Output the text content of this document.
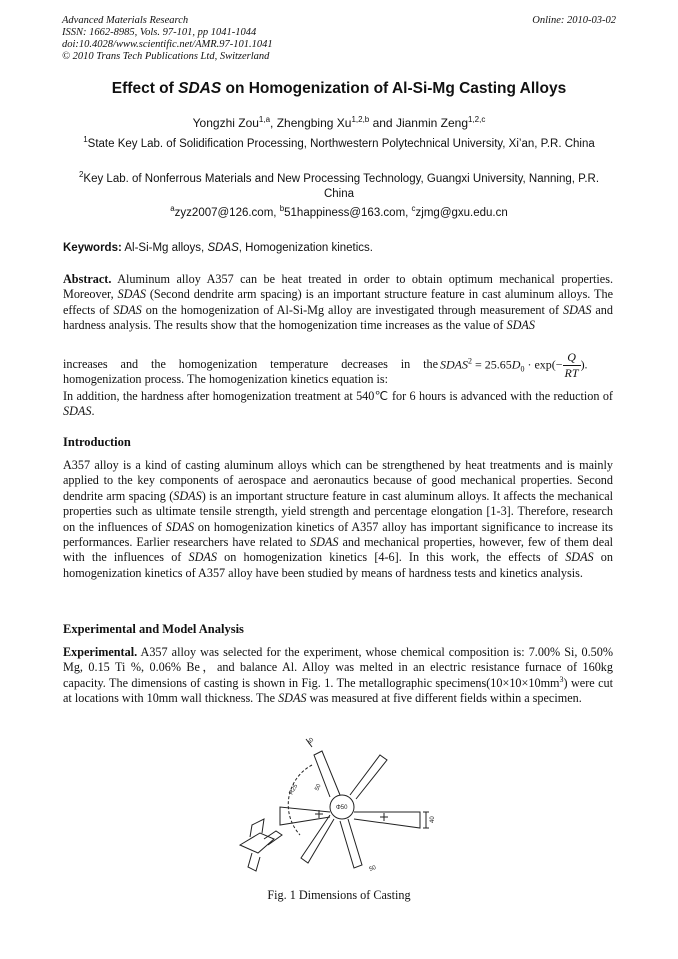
Advanced Materials Research
ISSN: 1662-8985, Vols. 97-101, pp 1041-1044
doi:10.4028/www.scientific.net/AMR.97-101.1041
© 2010 Trans Tech Publications Ltd, Switzerland
Online: 2010-03-02
Effect of SDAS on Homogenization of Al-Si-Mg Casting Alloys
Yongzhi Zou$^{1,a}$, Zhengbing Xu$^{1,2,b}$ and Jianmin Zeng$^{1,2,c}$
$^1$State Key Lab. of Solidification Processing, Northwestern Polytechnical University, Xi’an, P.R. China
$^2$Key Lab. of Nonferrous Materials and New Processing Technology, Guangxi University, Nanning, P.R. China
$^a$zyz2007@126.com, $^b$51happiness@163.com, $^c$zjmg@gxu.edu.cn
Keywords: Al-Si-Mg alloys, SDAS, Homogenization kinetics.
Abstract. Aluminum alloy A357 can be heat treated in order to obtain optimum mechanical properties. Moreover, SDAS (Second dendrite arm spacing) is an important structure feature in cast aluminum alloys. The effects of SDAS on the homogenization of Al-Si-Mg alloy are investigated through measurement of SDAS and hardness analysis. The results show that the homogenization time increases as the value of SDAS
increases and the homogenization temperature decreases in the homogenization process. The homogenization kinetics equation is:
$SDAS^2 = 25.65D_0 \cdot \exp(- \frac{Q}{RT}$ ).
In addition, the hardness after homogenization treatment at 540℃ for 6 hours is advanced with the reduction of SDAS.
Introduction
A357 alloy is a kind of casting aluminum alloys which can be strengthened by heat treatments and is mainly applied to the key components of aerospace and aeronautics because of good mechanical properties. Second dendrite arm spacing (SDAS) is an important structure feature in cast aluminum alloys. It affects the mechanical properties such as ultimate tensile strength, yield strength and percentage elongation [1-3]. Therefore, research on the influences of SDAS on homogenization kinetics of A357 alloy has important significance to increase its performances. Earlier researchers have related to SDAS and mechanical properties, however, few of them deal with the influences of SDAS on homogenization kinetics [4-6]. In this work, the effects of SDAS on homogenization kinetics of A357 alloy have been studied by means of hardness tests and kinetics analysis.
Experimental and Model Analysis
Experimental. A357 alloy was selected for the experiment, whose chemical composition is: 7.00% Si, 0.50% Mg, 0.15 Ti %, 0.06% Be，and balance Al. Alloy was melted in an electric resistance furnace of 160kg capacity. The dimensions of casting is shown in Fig. 1. The metallographic $specimens(10\times 10\times 10mm^3)$ were cut at locations with 10mm wall thickness. The SDAS was measured at five different fields within a specimen.
40
R25	50
Φ50
40
50
Fig. 1 Dimensions of Casting
